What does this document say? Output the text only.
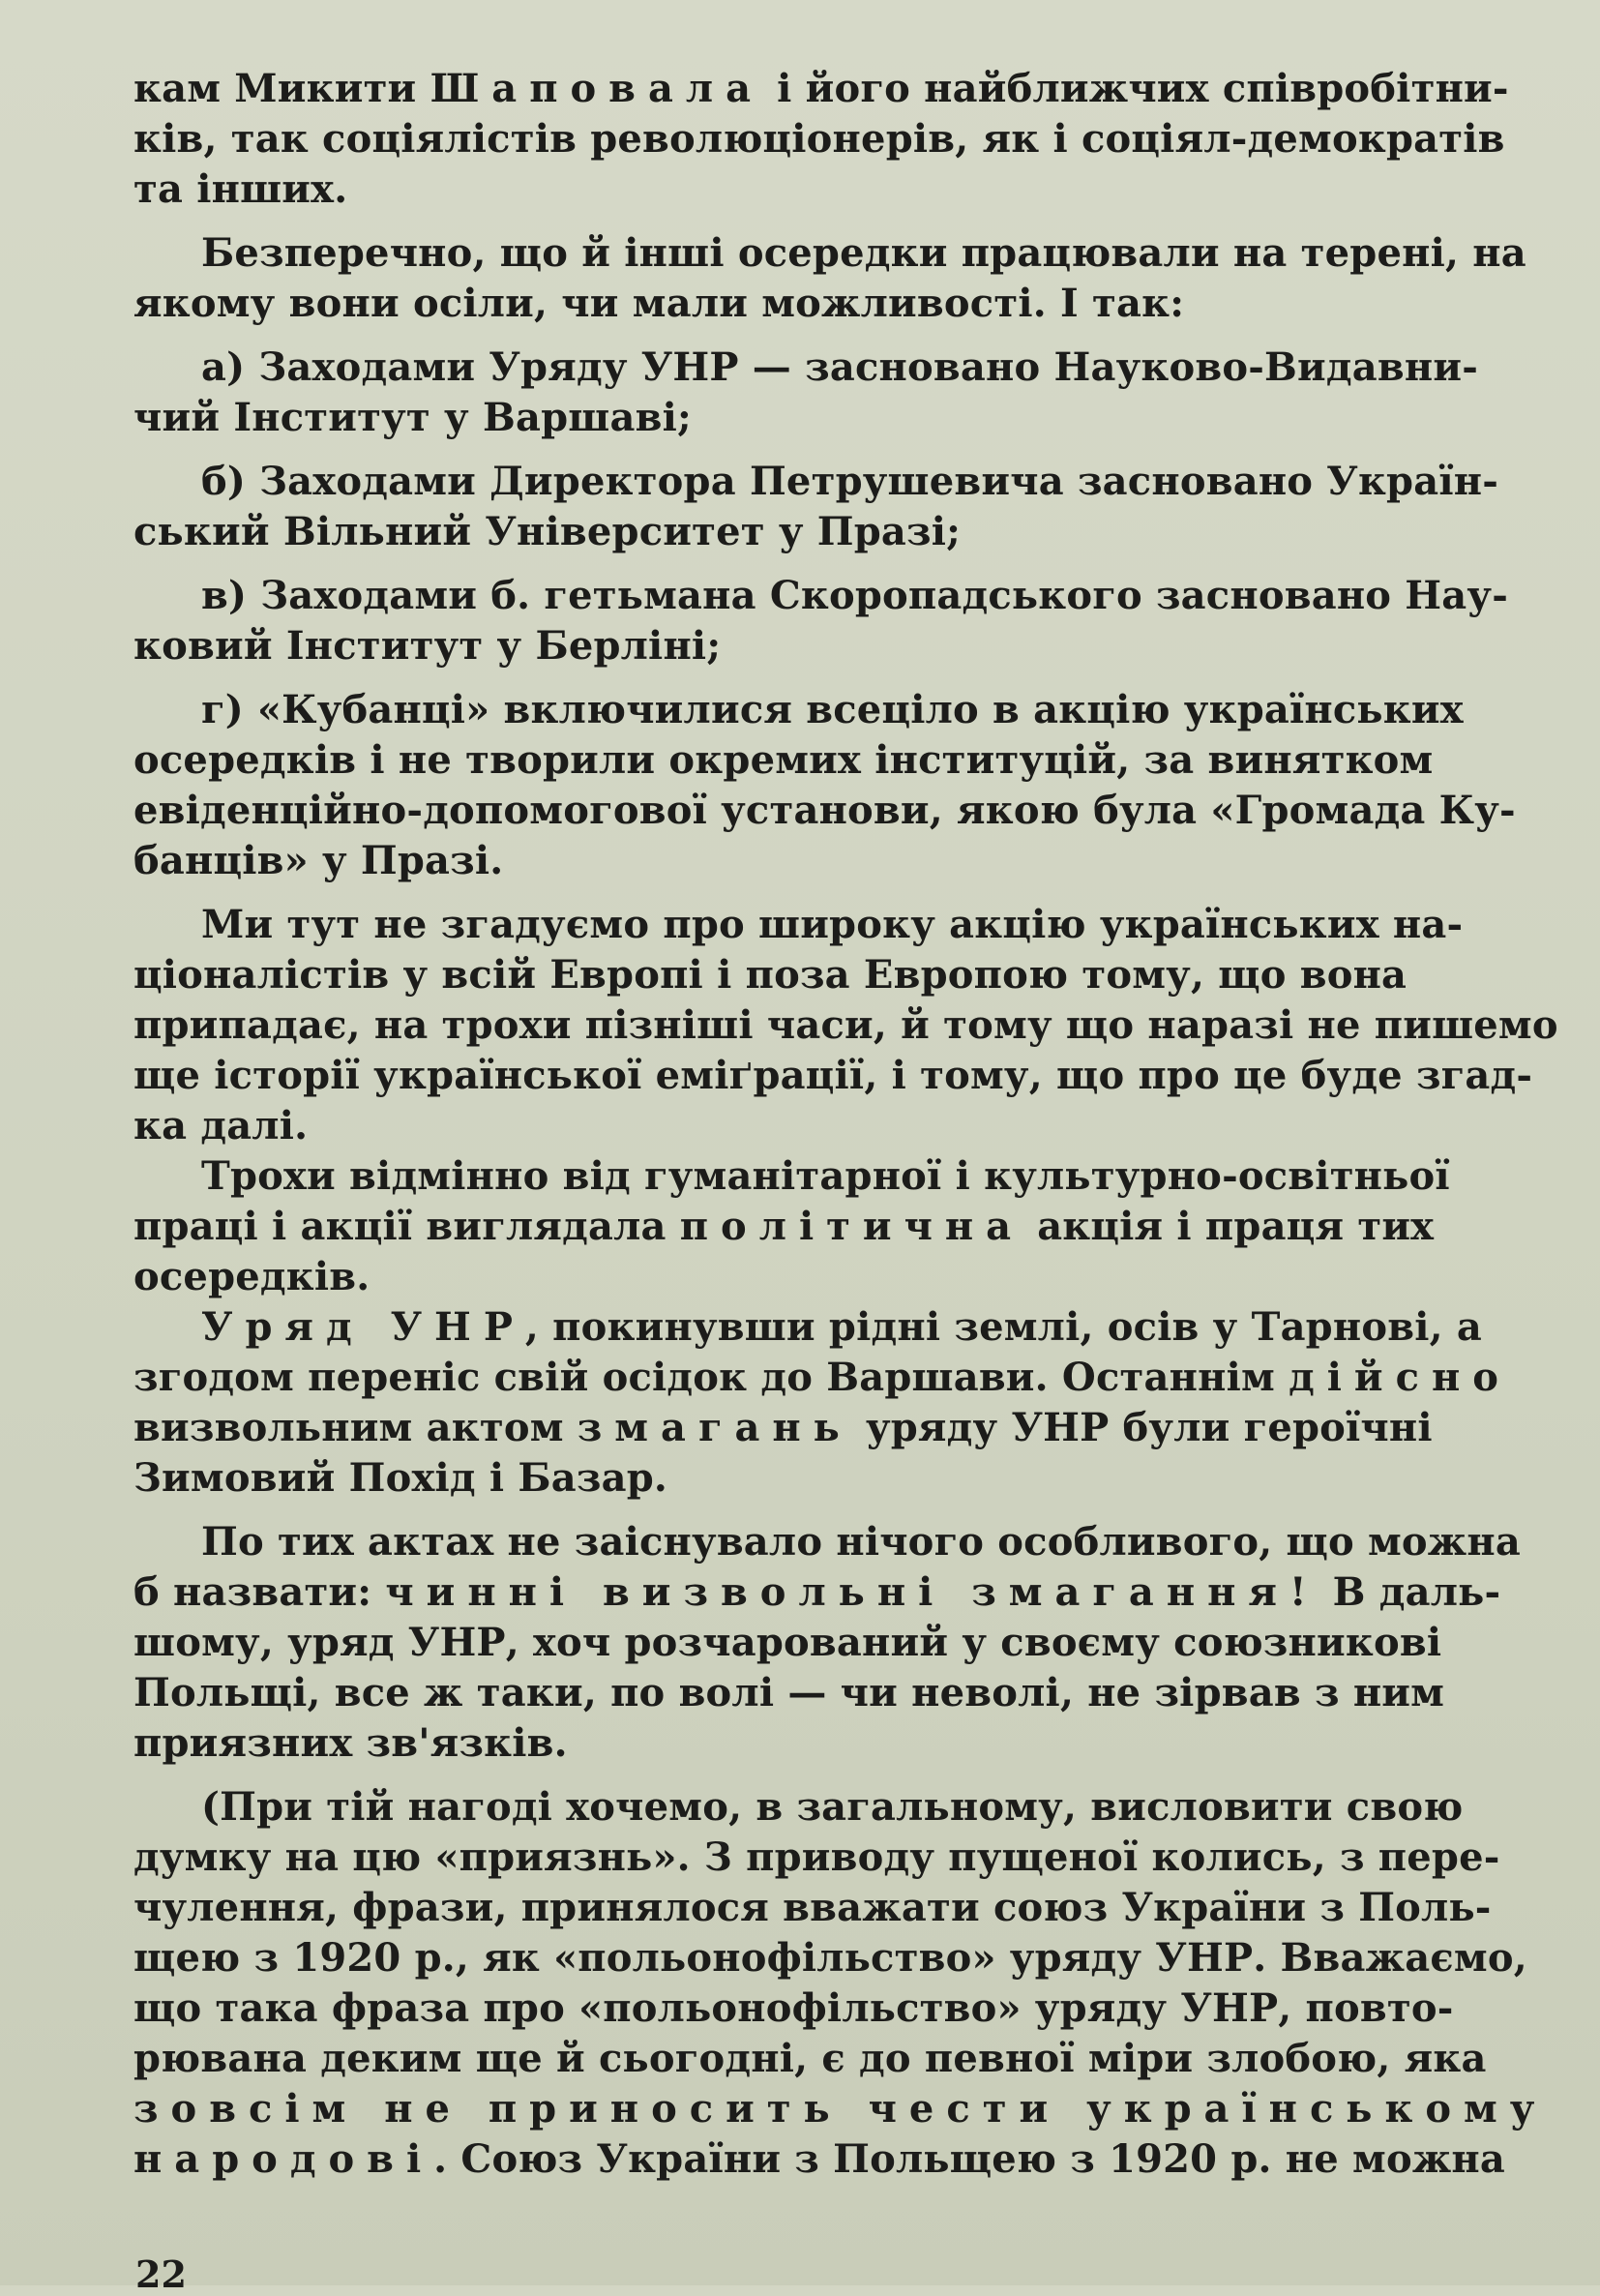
кам Микити Шаповала і його найближчих співробітни-
ків, так соціялістів революціонерів, як і соціял-демократів
та інших.
Безперечно, що й інші осередки працювали на терені, на
якому вони осіли, чи мали можливості. І так:
а) Заходами Уряду УНР — засновано Науково-Видавни-
чий Інститут у Варшаві;
б) Заходами Директора Петрушевича засновано Україн-
ський Вільний Університет у Празі;
в) Заходами б. гетьмана Скоропадського засновано Нау-
ковий Інститут у Берліні;
г) «Кубанці» включилися всеціло в акцію українських
осередків і не творили окремих інституцій, за винятком
евіденційно-допомогової установи, якою була «Громада Ку-
банців» у Празі.
Ми тут не згадуємо про широку акцію українських на-
ціоналістів у всій Европі і поза Европою тому, що вона
припадає, на трохи пізніші часи, й тому що наразі не пишемо
ще історії української еміґрації, і тому, що про це буде згад-
ка далі.
Трохи відмінно від гуманітарної і культурно-освітньої
праці і акції виглядала політична акція і праця тих
осередків.
Уряд УНР, покинувши рідні землі, осів у Тарнові, а
згодом переніс свій осідок до Варшави. Останнім дійсно
визвольним актом змагань уряду УНР були героїчні
Зимовий Похід і Базар.
По тих актах не заіснувало нічого особливого, що можна
б назвати: чинні визвольні змагання! В даль-
шому, уряд УНР, хоч розчарований у своєму союзникові
Польщі, все ж таки, по волі — чи неволі, не зірвав з ним
приязних зв'язків.
(При тій нагоді хочемо, в загальному, висловити свою
думку на цю «приязнь». З приводу пущеної колись, з пере-
чулення, фрази, принялося вважати союз України з Поль-
щею з 1920 р., як «польонофільство» уряду УНР. Вважаємо,
що така фраза про «польонофільство» уряду УНР, повто-
рювана деким ще й сьогодні, є до певної міри злобою, яка
зовсім не приносить чести українському
народові. Союз України з Польщею з 1920 р. не можна
22
